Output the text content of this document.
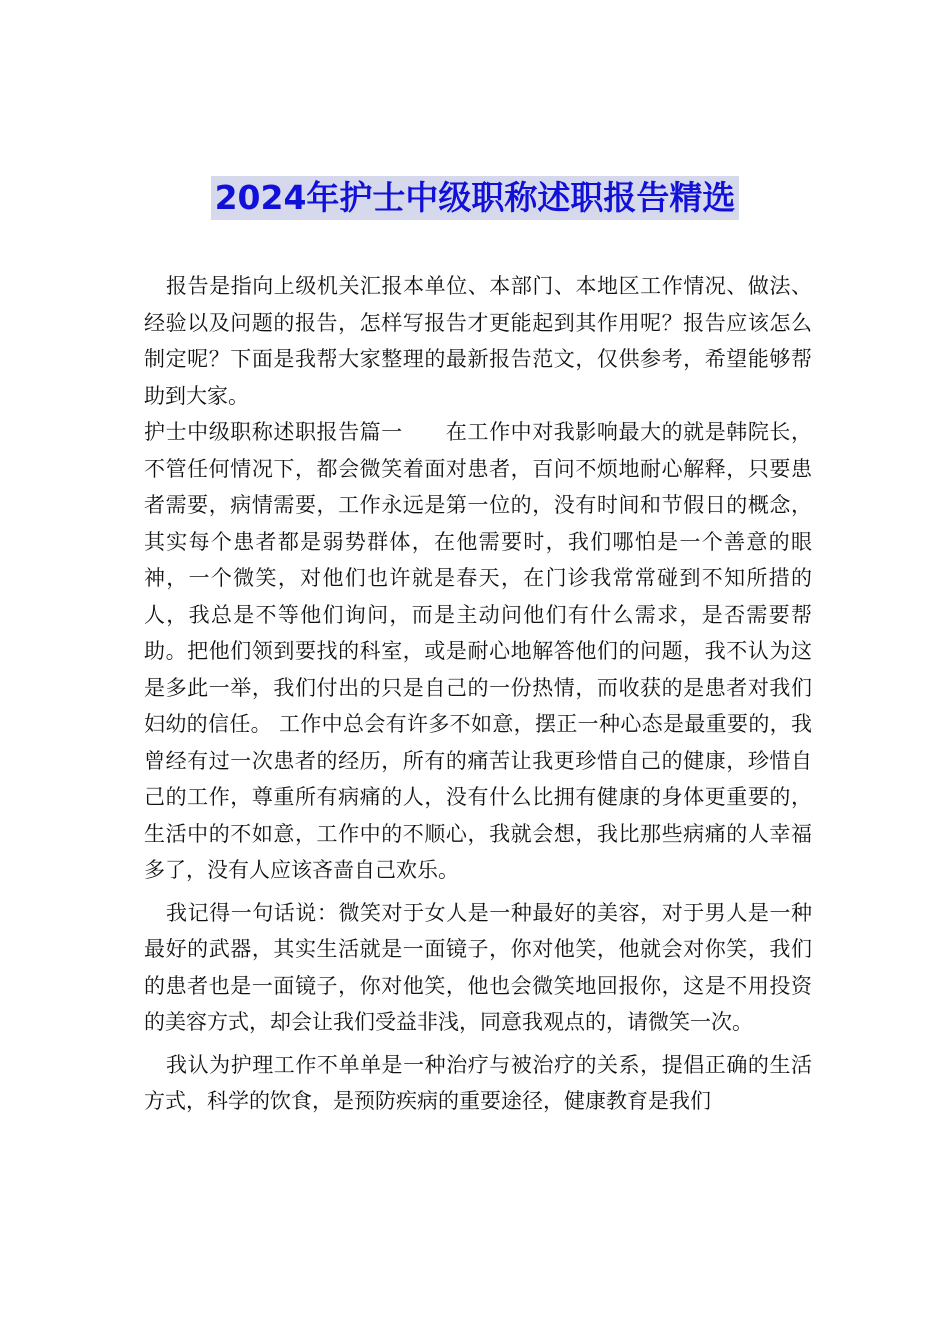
2024年护士中级职称述职报告精选

报告是指向上级机关汇报本单位、本部门、本地区工作情况、做法、经验以及问题的报告，怎样写报告才更能起到其作用呢？报告应该怎么制定呢？下面是我帮大家整理的最新报告范文，仅供参考，希望能够帮助到大家。

护士中级职称述职报告篇一　　在工作中对我影响最大的就是韩院长，不管任何情况下，都会微笑着面对患者，百问不烦地耐心解释，只要患者需要，病情需要，工作永远是第一位的，没有时间和节假日的概念，其实每个患者都是弱势群体，在他需要时，我们哪怕是一个善意的眼神，一个微笑，对他们也许就是春天，在门诊我常常碰到不知所措的人，我总是不等他们询问，而是主动问他们有什么需求，是否需要帮助。把他们领到要找的科室，或是耐心地解答他们的问题，我不认为这是多此一举，我们付出的只是自己的一份热情，而收获的是患者对我们妇幼的信任。 工作中总会有许多不如意，摆正一种心态是最重要的，我曾经有过一次患者的经历，所有的痛苦让我更珍惜自己的健康，珍惜自己的工作，尊重所有病痛的人，没有什么比拥有健康的身体更重要的，生活中的不如意，工作中的不顺心，我就会想，我比那些病痛的人幸福多了，没有人应该吝啬自己欢乐。

我记得一句话说：微笑对于女人是一种最好的美容，对于男人是一种最好的武器，其实生活就是一面镜子，你对他笑，他就会对你笑，我们的患者也是一面镜子，你对他笑，他也会微笑地回报你，这是不用投资的美容方式，却会让我们受益非浅，同意我观点的，请微笑一次。

我认为护理工作不单单是一种治疗与被治疗的关系，提倡正确的生活方式，科学的饮食，是预防疾病的重要途径，健康教育是我们
